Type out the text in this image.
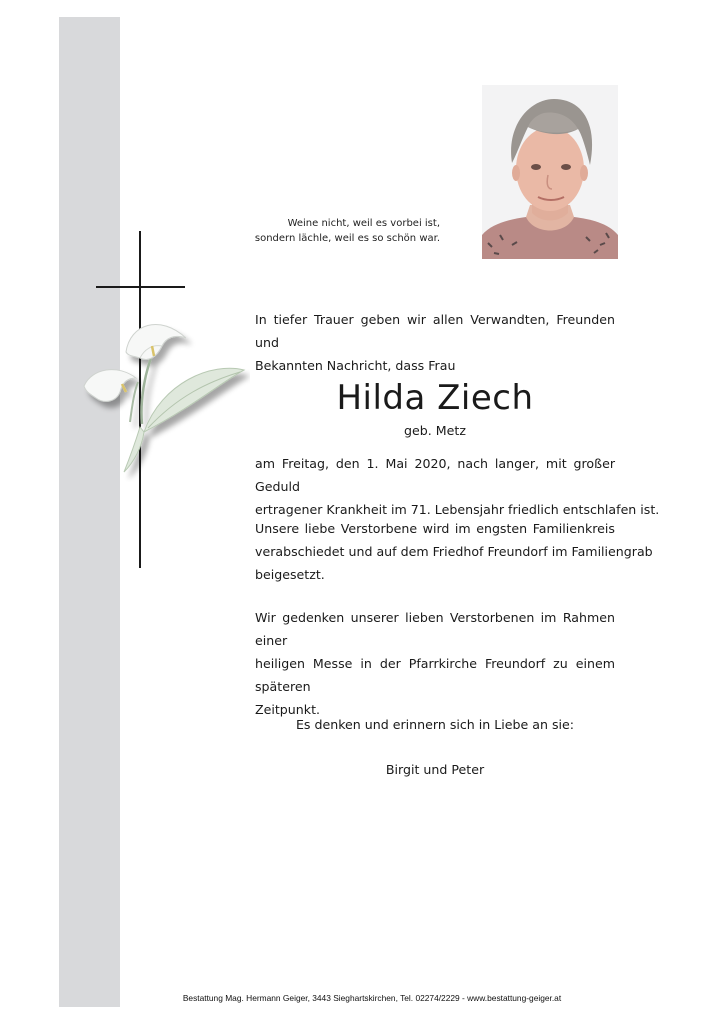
Weine nicht, weil es vorbei ist,
sondern lächle, weil es so schön war.
In tiefer Trauer geben wir allen Verwandten, Freunden und
Bekannten Nachricht, dass Frau
Hilda Ziech
geb. Metz
am Freitag, den 1. Mai 2020, nach langer, mit großer Geduld
ertragener Krankheit im 71. Lebensjahr friedlich entschlafen ist.
Unsere liebe Verstorbene wird im engsten Familienkreis
verabschiedet und auf dem Friedhof Freundorf im Familiengrab
beigesetzt.
Wir gedenken unserer lieben Verstorbenen im Rahmen einer
heiligen Messe in der Pfarrkirche Freundorf zu einem späteren
Zeitpunkt.
Es denken und erinnern sich in Liebe an sie:
Birgit und Peter
Bestattung Mag. Hermann Geiger, 3443 Sieghartskirchen, Tel. 02274/2229 - www.bestattung-geiger.at
